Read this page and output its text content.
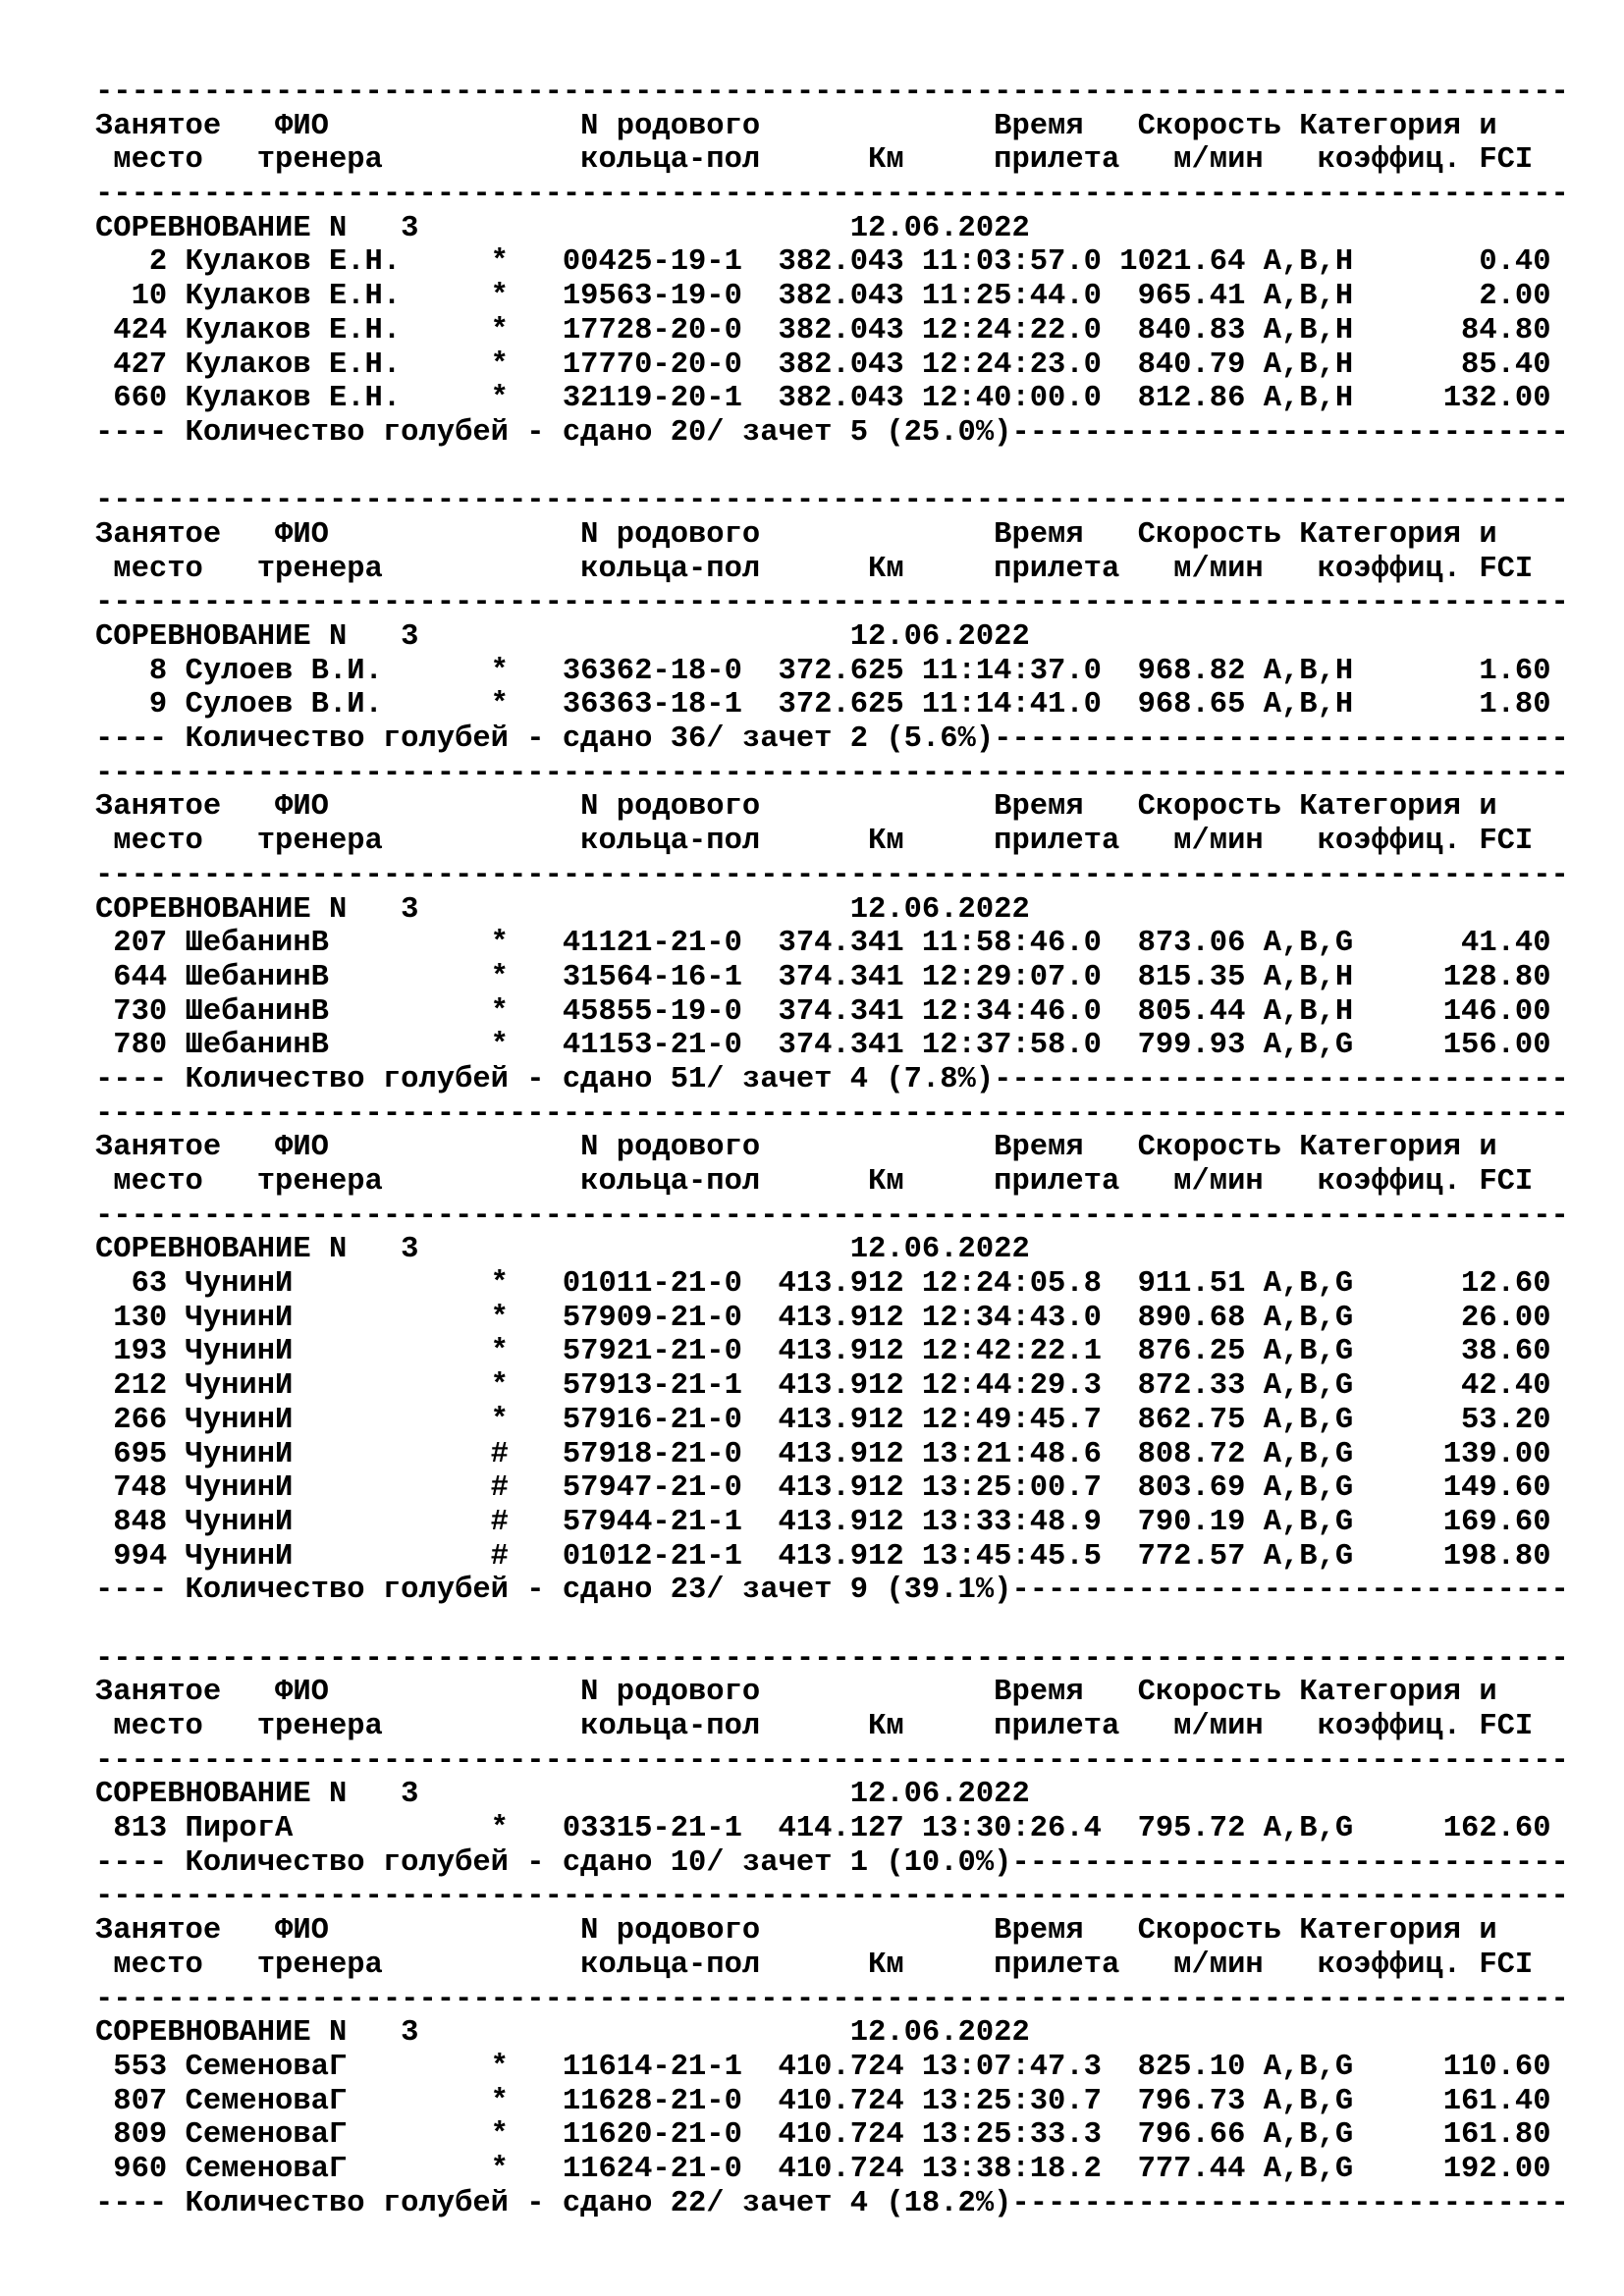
----------------------------------------------------------------------------------
Занятое   ФИО              N родового             Время   Скорость Категория и
место   тренера           кольца-пол      Км     прилета   м/мин   коэффиц. FCI
----------------------------------------------------------------------------------
СОРЕВНОВАНИЕ N   3                        12.06.2022
2 Кулаков Е.Н.     *   00425-19-1  382.043 11:03:57.0 1021.64 A,B,H       0.40
10 Кулаков Е.Н.     *   19563-19-0  382.043 11:25:44.0  965.41 A,B,H       2.00
424 Кулаков Е.Н.     *   17728-20-0  382.043 12:24:22.0  840.83 A,B,H      84.80
427 Кулаков Е.Н.     *   17770-20-0  382.043 12:24:23.0  840.79 A,B,H      85.40
660 Кулаков Е.Н.     *   32119-20-1  382.043 12:40:00.0  812.86 A,B,H     132.00
---- Количество голубей - сдано 20/ зачет 5 (25.0%)-------------------------------
----------------------------------------------------------------------------------
Занятое   ФИО              N родового             Время   Скорость Категория и
место   тренера           кольца-пол      Км     прилета   м/мин   коэффиц. FCI
----------------------------------------------------------------------------------
СОРЕВНОВАНИЕ N   3                        12.06.2022
8 Сулоев В.И.      *   36362-18-0  372.625 11:14:37.0  968.82 A,B,H       1.60
9 Сулоев В.И.      *   36363-18-1  372.625 11:14:41.0  968.65 A,B,H       1.80
---- Количество голубей - сдано 36/ зачет 2 (5.6%)--------------------------------
----------------------------------------------------------------------------------
Занятое   ФИО              N родового             Время   Скорость Категория и
место   тренера           кольца-пол      Км     прилета   м/мин   коэффиц. FCI
----------------------------------------------------------------------------------
СОРЕВНОВАНИЕ N   3                        12.06.2022
207 ШебанинВ         *   41121-21-0  374.341 11:58:46.0  873.06 A,B,G      41.40
644 ШебанинВ         *   31564-16-1  374.341 12:29:07.0  815.35 A,B,H     128.80
730 ШебанинВ         *   45855-19-0  374.341 12:34:46.0  805.44 A,B,H     146.00
780 ШебанинВ         *   41153-21-0  374.341 12:37:58.0  799.93 A,B,G     156.00
---- Количество голубей - сдано 51/ зачет 4 (7.8%)--------------------------------
----------------------------------------------------------------------------------
Занятое   ФИО              N родового             Время   Скорость Категория и
место   тренера           кольца-пол      Км     прилета   м/мин   коэффиц. FCI
----------------------------------------------------------------------------------
СОРЕВНОВАНИЕ N   3                        12.06.2022
63 ЧунинИ           *   01011-21-0  413.912 12:24:05.8  911.51 A,B,G      12.60
130 ЧунинИ           *   57909-21-0  413.912 12:34:43.0  890.68 A,B,G      26.00
193 ЧунинИ           *   57921-21-0  413.912 12:42:22.1  876.25 A,B,G      38.60
212 ЧунинИ           *   57913-21-1  413.912 12:44:29.3  872.33 A,B,G      42.40
266 ЧунинИ           *   57916-21-0  413.912 12:49:45.7  862.75 A,B,G      53.20
695 ЧунинИ           #   57918-21-0  413.912 13:21:48.6  808.72 A,B,G     139.00
748 ЧунинИ           #   57947-21-0  413.912 13:25:00.7  803.69 A,B,G     149.60
848 ЧунинИ           #   57944-21-1  413.912 13:33:48.9  790.19 A,B,G     169.60
994 ЧунинИ           #   01012-21-1  413.912 13:45:45.5  772.57 A,B,G     198.80
---- Количество голубей - сдано 23/ зачет 9 (39.1%)-------------------------------
----------------------------------------------------------------------------------
Занятое   ФИО              N родового             Время   Скорость Категория и
место   тренера           кольца-пол      Км     прилета   м/мин   коэффиц. FCI
----------------------------------------------------------------------------------
СОРЕВНОВАНИЕ N   3                        12.06.2022
813 ПирогА           *   03315-21-1  414.127 13:30:26.4  795.72 A,B,G     162.60
---- Количество голубей - сдано 10/ зачет 1 (10.0%)-------------------------------
----------------------------------------------------------------------------------
Занятое   ФИО              N родового             Время   Скорость Категория и
место   тренера           кольца-пол      Км     прилета   м/мин   коэффиц. FCI
----------------------------------------------------------------------------------
СОРЕВНОВАНИЕ N   3                        12.06.2022
553 СеменоваГ        *   11614-21-1  410.724 13:07:47.3  825.10 A,B,G     110.60
807 СеменоваГ        *   11628-21-0  410.724 13:25:30.7  796.73 A,B,G     161.40
809 СеменоваГ        *   11620-21-0  410.724 13:25:33.3  796.66 A,B,G     161.80
960 СеменоваГ        *   11624-21-0  410.724 13:38:18.2  777.44 A,B,G     192.00
---- Количество голубей - сдано 22/ зачет 4 (18.2%)-------------------------------
